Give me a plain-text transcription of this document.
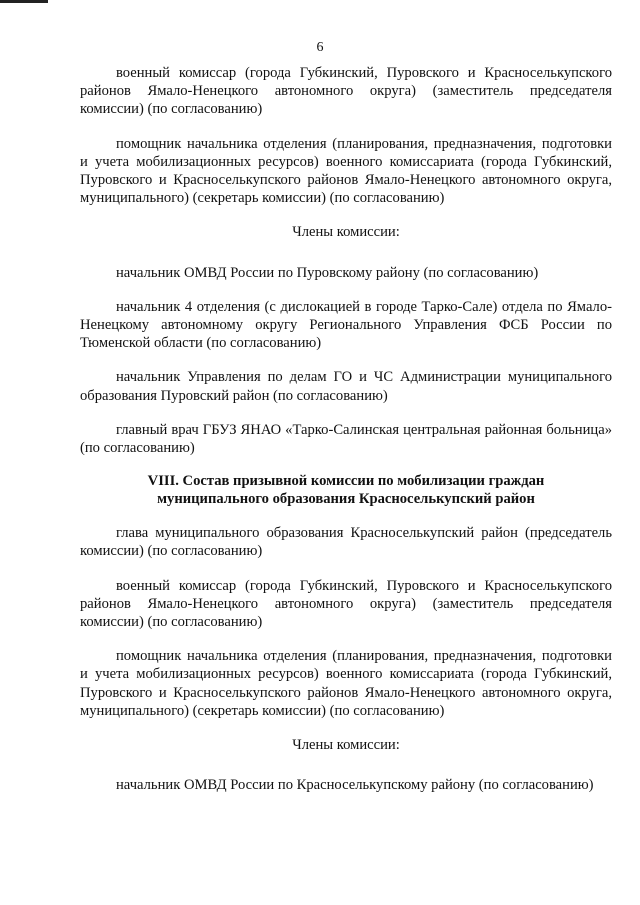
6

военный комиссар (города Губкинский, Пуровского и Красноселькупского районов Ямало-Ненецкого автономного округа) (заместитель председателя комиссии) (по согласованию)

помощник начальника отделения (планирования, предназначения, подготовки и учета мобилизационных ресурсов) военного комиссариата (города Губкинский, Пуровского и Красноселькупского районов Ямало-Ненецкого автономного округа, муниципального) (секретарь комиссии) (по согласованию)

Члены комиссии:

начальник ОМВД России по Пуровскому району (по согласованию)

начальник 4 отделения (с дислокацией в городе Тарко-Сале) отдела по Ямало-Ненецкому автономному округу Регионального Управления ФСБ России по Тюменской области (по согласованию)

начальник Управления по делам ГО и ЧС Администрации муниципального образования Пуровский район (по согласованию)

главный врач ГБУЗ ЯНАО «Тарко-Салинская центральная районная больница» (по согласованию)

VIII. Состав призывной комиссии по мобилизации граждан
муниципального образования Красноселькупский район

глава муниципального образования Красноселькупский район (председатель комиссии) (по согласованию)

военный комиссар (города Губкинский, Пуровского и Красноселькупского районов Ямало-Ненецкого автономного округа) (заместитель председателя комиссии) (по согласованию)

помощник начальника отделения (планирования, предназначения, подготовки и учета мобилизационных ресурсов) военного комиссариата (города Губкинский, Пуровского и Красноселькупского районов Ямало-Ненецкого автономного округа, муниципального) (секретарь комиссии) (по согласованию)

Члены комиссии:

начальник ОМВД России по Красноселькупскому району (по согласованию)
